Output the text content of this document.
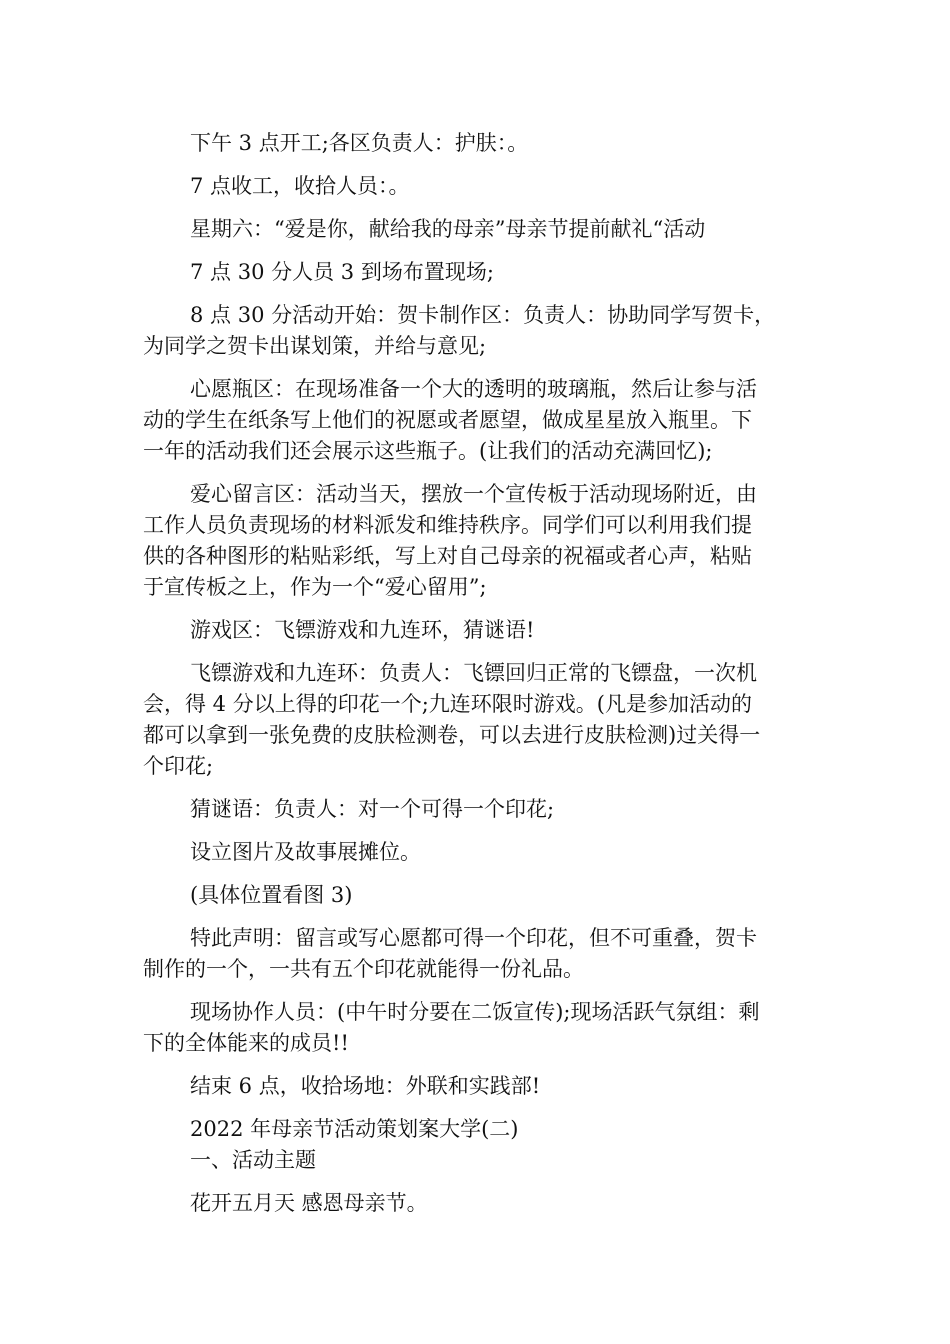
下午 3 点开工;各区负责人：护肤：。
7 点收工，收拾人员：。
星期六：“爱是你，献给我的母亲”母亲节提前献礼“活动
7 点 30 分人员 3 到场布置现场;
8 点 30 分活动开始：贺卡制作区：负责人：协助同学写贺卡，
为同学之贺卡出谋划策，并给与意见;
心愿瓶区：在现场准备一个大的透明的玻璃瓶，然后让参与活
动的学生在纸条写上他们的祝愿或者愿望，做成星星放入瓶里。下
一年的活动我们还会展示这些瓶子。(让我们的活动充满回忆);
爱心留言区：活动当天，摆放一个宣传板于活动现场附近，由
工作人员负责现场的材料派发和维持秩序。同学们可以利用我们提
供的各种图形的粘贴彩纸，写上对自己母亲的祝福或者心声，粘贴
于宣传板之上，作为一个“爱心留用”;
游戏区：飞镖游戏和九连环，猜谜语!
飞镖游戏和九连环：负责人：飞镖回归正常的飞镖盘，一次机
会，得 4 分以上得的印花一个;九连环限时游戏。(凡是参加活动的
都可以拿到一张免费的皮肤检测卷，可以去进行皮肤检测)过关得一
个印花;
猜谜语：负责人：对一个可得一个印花;
设立图片及故事展摊位。
(具体位置看图 3)
特此声明：留言或写心愿都可得一个印花，但不可重叠，贺卡
制作的一个，一共有五个印花就能得一份礼品。
现场协作人员：(中午时分要在二饭宣传);现场活跃气氛组：剩
下的全体能来的成员!!
结束 6 点，收拾场地：外联和实践部!
2022 年母亲节活动策划案大学(二)
一、活动主题
花开五月天 感恩母亲节。
